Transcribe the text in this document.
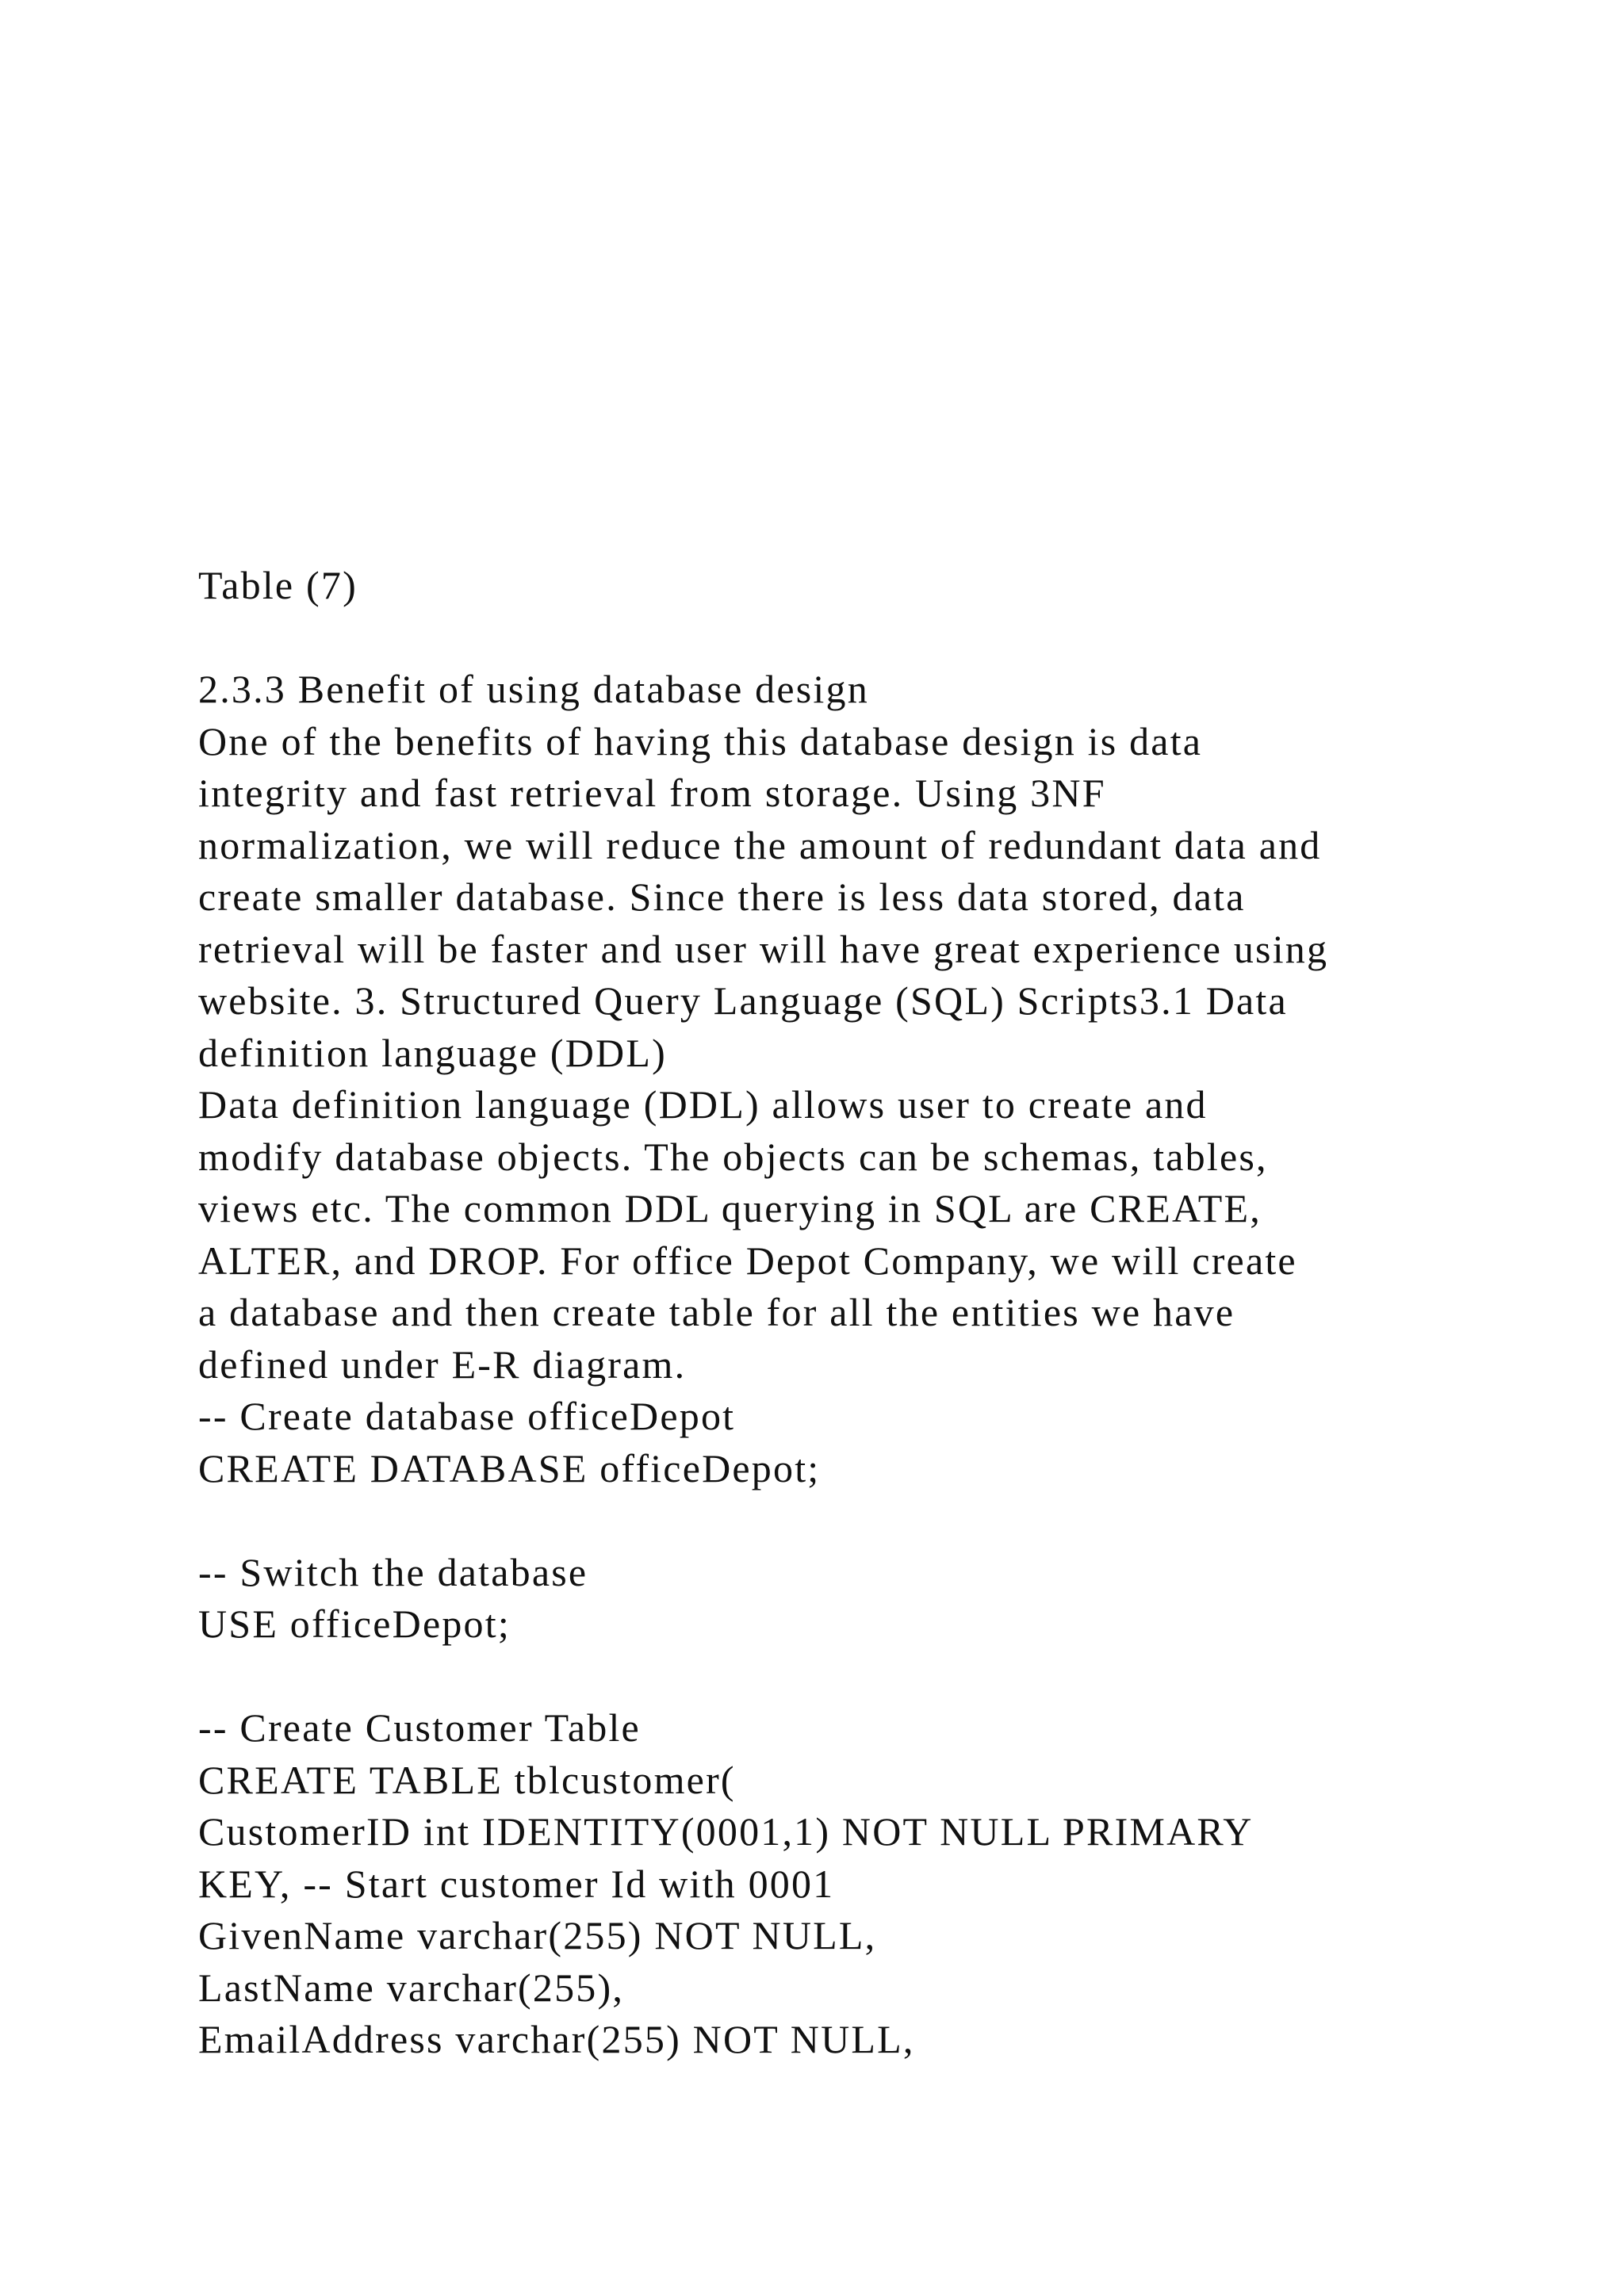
Table (7)
2.3.3 Benefit of using database design
One of the benefits of having this database design is data
integrity and fast retrieval from storage. Using 3NF
normalization, we will reduce the amount of redundant data and
create smaller database. Since there is less data stored, data
retrieval will be faster and user will have great experience using
website. 3. Structured Query Language (SQL) Scripts3.1 Data
definition language (DDL)
Data definition language (DDL) allows user to create and
modify database objects. The objects can be schemas, tables,
views etc. The common DDL querying in SQL are CREATE,
ALTER, and DROP. For office Depot Company, we will create
a database and then create table for all the entities we have
defined under E-R diagram.
-- Create database officeDepot
CREATE DATABASE officeDepot;
-- Switch the database
USE officeDepot;
-- Create Customer Table
CREATE TABLE tblcustomer(
CustomerID int IDENTITY(0001,1) NOT NULL PRIMARY
KEY, -- Start customer Id with 0001
GivenName varchar(255) NOT NULL,
LastName varchar(255),
EmailAddress varchar(255) NOT NULL,
